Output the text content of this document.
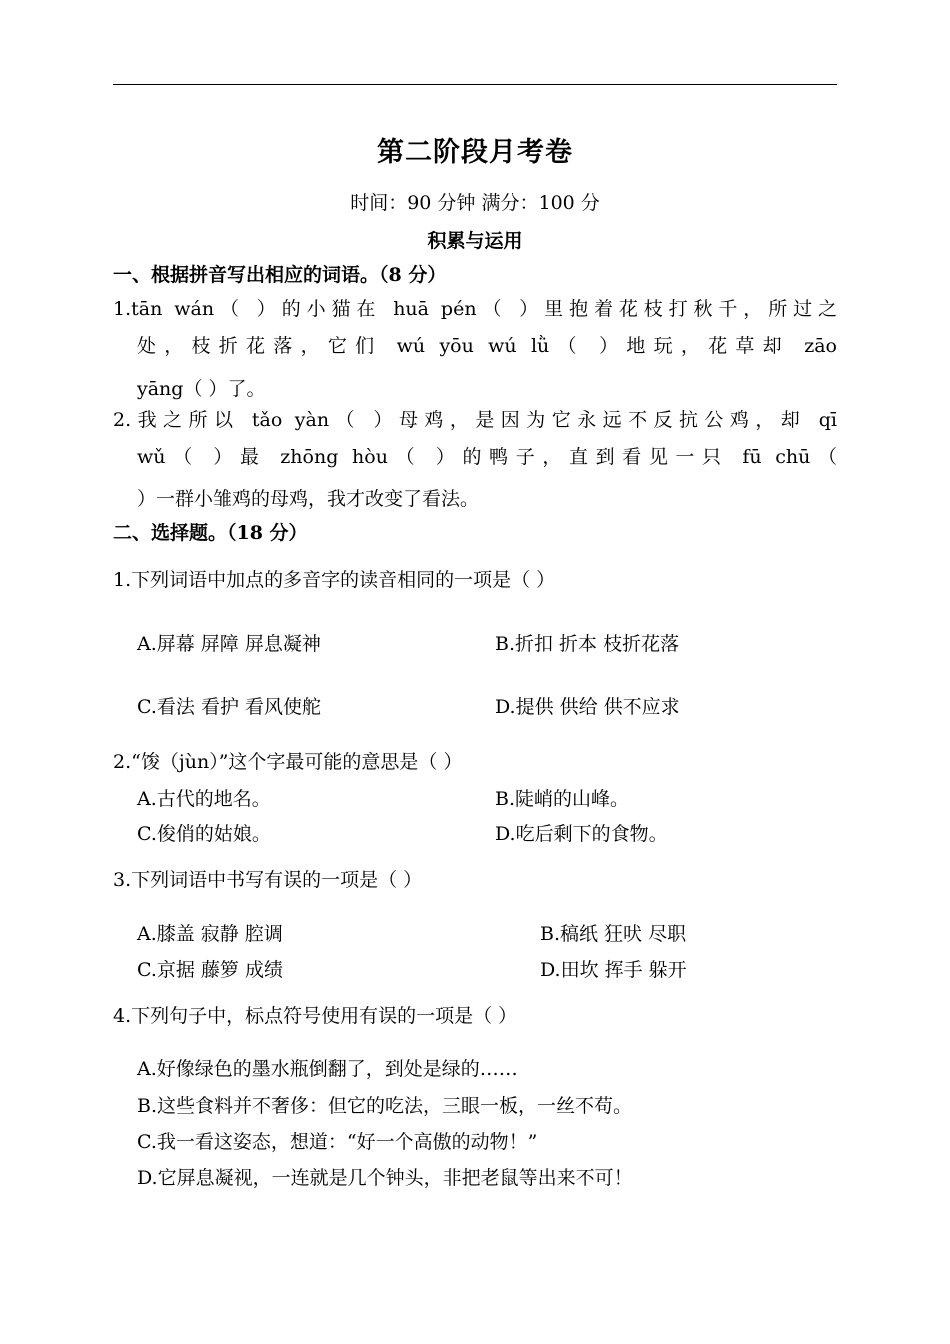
第二阶段月考卷
时间：90 分钟 满分：100 分
积累与运用
一、根据拼音写出相应的词语。（8 分）
1.tān wán（ ）的小猫在 huā pén（ ）里抱着花枝打秋千，所过之
处，枝折花落，它们 wú yōu wú lǜ（ ）地玩，花草却 zāo
yāng（ ）了。
2.我之所以 tǎo yàn（ ）母鸡，是因为它永远不反抗公鸡，却 qī
wǔ（ ）最 zhōng hòu（ ）的鸭子，直到看见一只 fū chū（
）一群小雏鸡的母鸡，我才改变了看法。
二、选择题。（18 分）
1.下列词语中加点的多音字的读音相同的一项是（ ）
A.屏幕 屏障 屏息凝神	B.折扣 折本 枝折花落
C.看法 看护 看风使舵	D.提供 供给 供不应求
2.“馂（jùn）”这个字最可能的意思是（ ）
A.古代的地名。	B.陡峭的山峰。
C.俊俏的姑娘。	D.吃后剩下的食物。
3.下列词语中书写有误的一项是（ ）
A.膝盖 寂静 腔调	B.稿纸 狂吠 尽职
C.京据 藤箩 成绩	D.田坎 挥手 躲开
4.下列句子中，标点符号使用有误的一项是（ ）
A.好像绿色的墨水瓶倒翻了，到处是绿的……
B.这些食料并不奢侈：但它的吃法，三眼一板，一丝不苟。
C.我一看这姿态，想道：“好一个高傲的动物！”
D.它屏息凝视，一连就是几个钟头，非把老鼠等出来不可！
